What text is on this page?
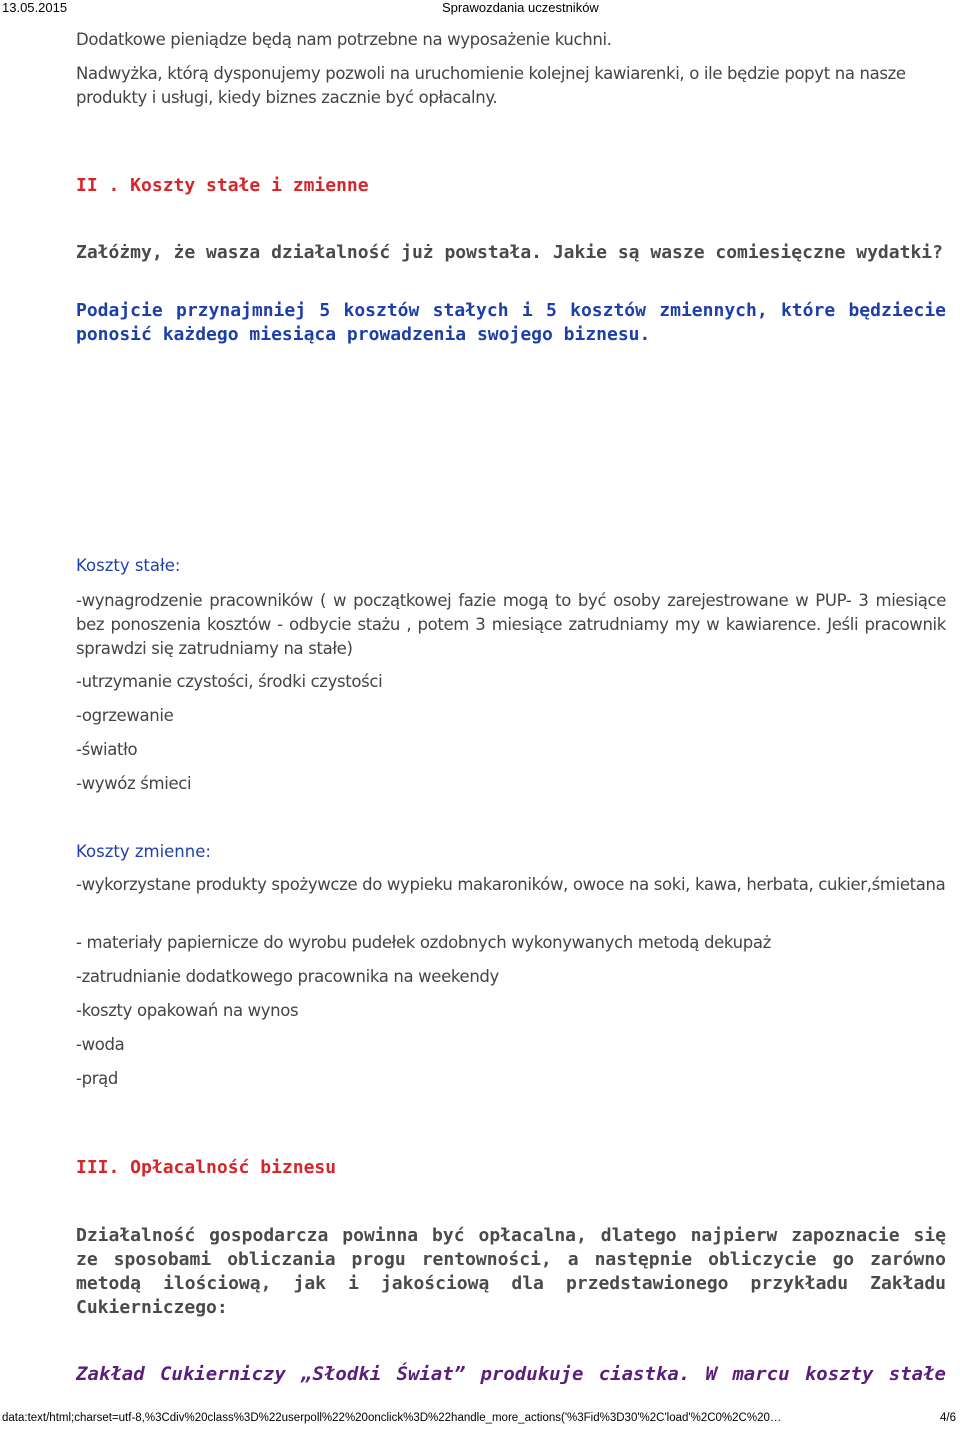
13.05.2015	Sprawozdania uczestników
Dodatkowe pieniądze będą nam potrzebne na wyposażenie kuchni.
Nadwyżka, którą dysponujemy pozwoli na uruchomienie kolejnej kawiarenki, o ile będzie popyt na nasze produkty i usługi, kiedy biznes zacznie być opłacalny.
II . Koszty stałe i zmienne
Załóżmy, że wasza działalność już powstała. Jakie są wasze comiesięczne wydatki?
Podajcie przynajmniej 5 kosztów stałych i 5 kosztów zmiennych, które będziecie ponosić każdego miesiąca prowadzenia swojego biznesu.
Koszty stałe:
-wynagrodzenie pracowników ( w początkowej fazie mogą to być osoby zarejestrowane w PUP- 3 miesiące bez ponoszenia kosztów - odbycie stażu , potem 3 miesiące zatrudniamy my w kawiarence. Jeśli pracownik sprawdzi się zatrudniamy na stałe)
-utrzymanie czystości, środki czystości
-ogrzewanie
-światło
-wywóz śmieci
Koszty zmienne:
-wykorzystane produkty spożywcze do wypieku makaroników, owoce na soki, kawa, herbata, cukier,śmietana
- materiały papiernicze do wyrobu pudełek ozdobnych wykonywanych metodą dekupaż
-zatrudnianie dodatkowego pracownika na weekendy
-koszty opakowań na wynos
-woda
-prąd
III. Opłacalność biznesu
Działalność gospodarcza powinna być opłacalna, dlatego najpierw zapoznacie się ze sposobami obliczania progu rentowności, a następnie obliczycie go zarówno metodą ilościową, jak i jakościową dla przedstawionego przykładu Zakładu Cukierniczego:
Zakład Cukierniczy „Słodki Świat” produkuje ciastka. W marcu koszty stałe
data:text/html;charset=utf-8,%3Cdiv%20class%3D%22userpoll%22%20onclick%3D%22handle_more_actions('%3Fid%3D30'%2C'load'%2C0%2C%20…	4/6
